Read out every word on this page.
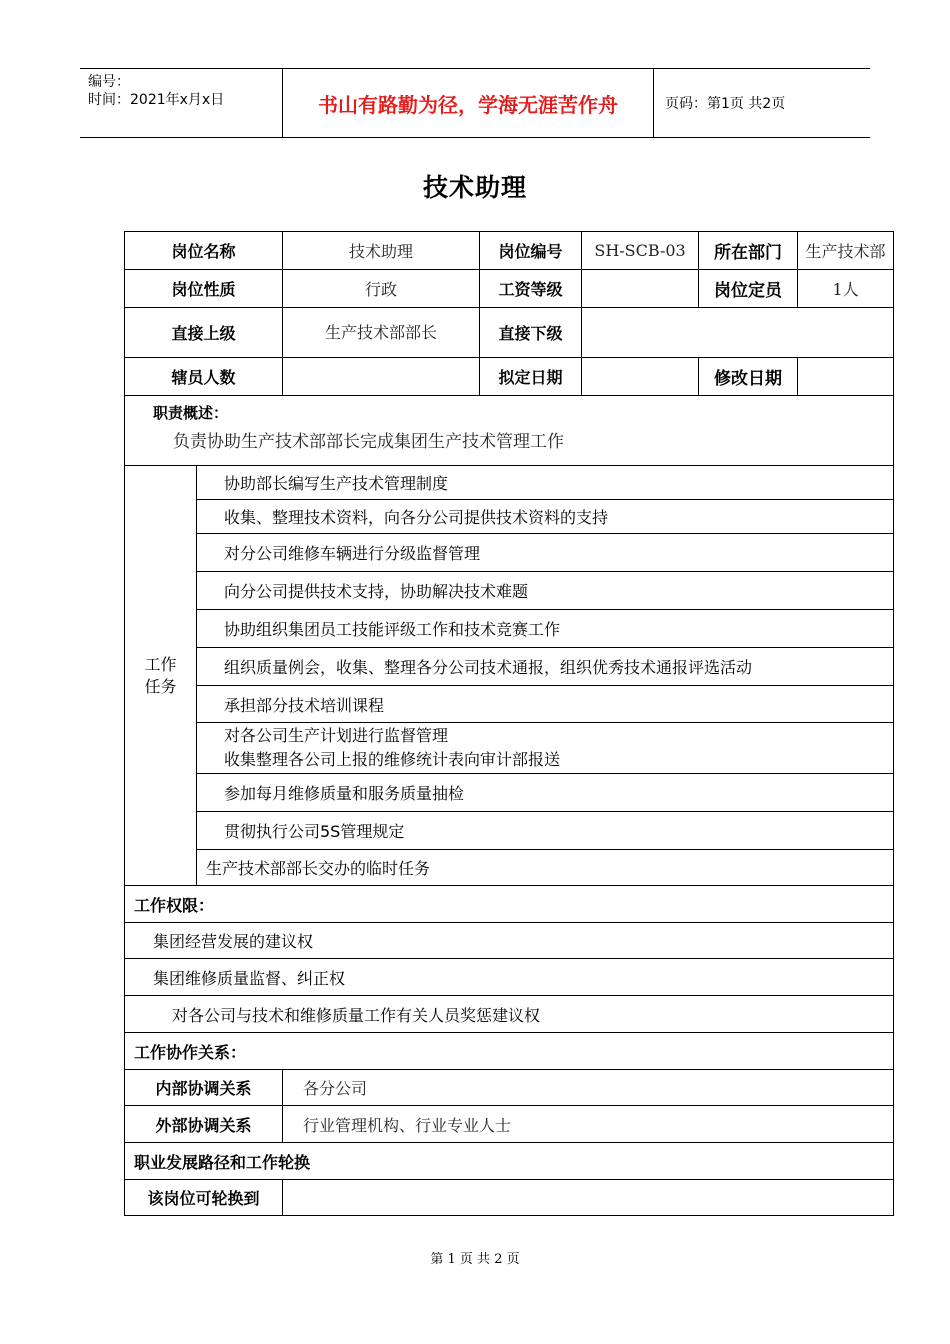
编号：
时间：2021年x月x日	书山有路勤为径，学海无涯苦作舟	页码：第1页 共2页
技术助理
岗位名称		技术助理	岗位编号	SH-SCB-03	所在部门 生产技术部

岗位性质		行政	工资等级		岗位定员 1人

直接上级		生产技术部部长	直接下级		
辖员人数			拟定日期		修改日期

职责概述：
负责协助生产技术部部长完成集团生产技术管理工作					

工作
任务	协助部长编写生产技术管理制度				
	收集、整理技术资料，向各分公司提供技术资料的支持				
	对分公司维修车辆进行分级监督管理				
	向分公司提供技术支持，协助解决技术难题				
	协助组织集团员工技能评级工作和技术竞赛工作				
	组织质量例会，收集、整理各分公司技术通报，组织优秀技术通报评选活动				
	承担部分技术培训课程				

	对各公司生产计划进行监督管理
收集整理各公司上报的维修统计表向审计部报送				

	参加每月维修质量和服务质量抽检				
	贯彻执行公司5S管理规定				
	生产技术部部长交办的临时任务				
工作权限：					
集团经营发展的建议权					
集团维修质量监督、纠正权					
对各公司与技术和维修质量工作有关人员奖惩建议权					
工作协作关系：					
内部协调关系		各分公司			
外部协调关系		行业管理机构、行业专业人士			
职业发展路径和工作轮换					
该岗位可轮换到					
第 1 页 共 2 页
